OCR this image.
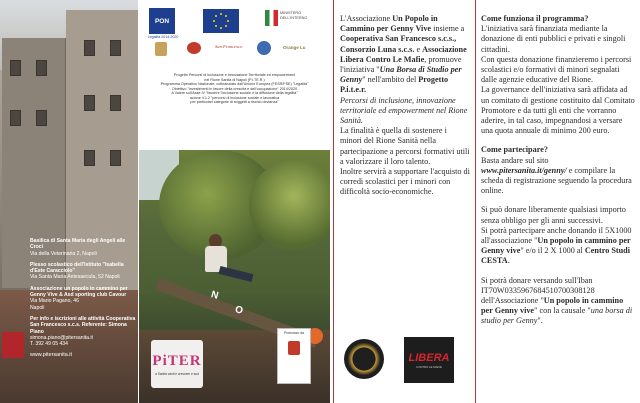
Basilica di Santa Maria degli Angeli alle Croci
Via della Veterinaria 2, Napoli
Plesso scolastico dell'Istituto "Isabella d'Este Caracciolo"
Via Santa Maria Antesaecula, 52 Napoli
Associazione un popolo in cammino per Genny Vive & Asd sporting club Cavour
Via Mario Pagano, 46
Napoli
Per info e iscrizioni alle attività Cooperativa San Francesco s.c.s. Referente: Simona Piano
simona.piano@pitersanita.it
T. 392 49 05 434
www.pitersanita.it
PON
Legalità 2014-2020
MINISTERO DELL'INTERNO
San Francesco	Orange Lu
Progetto Percorsi di inclusione e innovazione Territoriale ed empowerment
nel Rione Sanità di Napoli (P.I.TE.R.)
Programma Operativo Nazionale, cofinanziato dall'Unione Europea (FESR/FSE) "Legalità"
Obiettivo "Investimenti in favore della crescita e dell'occupazione" 2014/2020
A Valere sull'Asse IV "favorire l'inclusione sociale e la diffusione della legalità"
azione 4.1.2 "percorsi di inclusione sociale e lavorativa
per particolari categorie di soggetti a rischio devianza"
N
O
PiTER
a Sanità vanti e crescere e sud
Promosso da

L'Associazione Un Popolo in Cammino per Genny Vive insieme a Cooperativa San Francesco s.c.s., Consorzio Luna s.c.s. e Associazione Libera Contro Le Mafie, promuove l'iniziativa "Una Borsa di Studio per Genny" nell'ambito del Progetto P.i.t.e.r.

Percorsi di inclusione, innovazione territoriale ed empowerment nel Rione Sanità.

La finalità è quella di sostenere i minori del Rione Sanità nella partecipazione a percorsi formativi utili a valorizzare il loro talento.

Inoltre servirà a supportare l'acquisto di corredi scolastici per i minori con difficoltà socio-economiche.

LIBERA
CONTRO LE MAFIE
Come funziona il programma?
L'iniziativa sarà finanziata mediante la donazione di enti pubblici e privati e singoli cittadini.
Con questa donazione finanzieremo i percorsi scolastici e/o formativi di minori segnalati dalle agenzie educative del Rione.
La governance dell'iniziativa sarà affidata ad un comitato di gestione costituito dal Comitato Promotore e da tutti gli enti che vorranno aderire, in tal caso, impegnandosi a versare una quota annuale di minimo 200 euro.
Come partecipare?
Basta andare sul sito www.pitersanita.it/genny/ e compilare la scheda di registrazione seguendo la procedura online.
Si può donare liberamente qualsiasi importo senza obbligo per gli anni successivi.
Si potrà partecipare anche donando il 5X1000 all'associazione "Un popolo in cammino per Genny vive" e/o il 2 X 1000 al Centro Studi CESTA.
Si potrà donare versando sull'Iban IT70W0335967684510700308128 dell'Associazione "Un popolo in cammino per Genny vive" con la causale "una borsa di studio per Genny".
